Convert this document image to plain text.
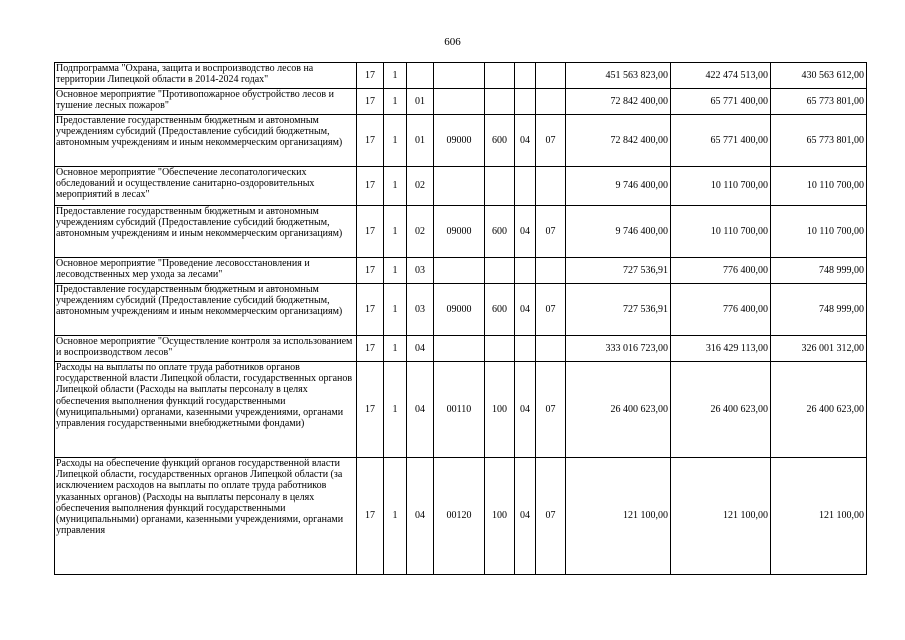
606
Подпрограмма "Охрана, защита и воспроизводство лесов на территории Липецкой области в 2014-2024 годах"	17	1						451 563 823,00	422 474 513,00	430 563 612,00
Основное мероприятие "Противопожарное обустройство лесов и тушение лесных пожаров"	17	1	01					72 842 400,00	65 771 400,00	65 773 801,00
Предоставление государственным бюджетным и автономным учреждениям субсидий (Предоставление субсидий бюджетным, автономным учреждениям и иным некоммерческим организациям)	17	1	01	09000	600	04	07	72 842 400,00	65 771 400,00	65 773 801,00
Основное мероприятие "Обеспечение лесопатологических обследований и осуществление санитарно-оздоровительных мероприятий в лесах"	17	1	02					9 746 400,00	10 110 700,00	10 110 700,00
Предоставление государственным бюджетным и автономным учреждениям субсидий (Предоставление субсидий бюджетным, автономным учреждениям и иным некоммерческим организациям)	17	1	02	09000	600	04	07	9 746 400,00	10 110 700,00	10 110 700,00
Основное мероприятие "Проведение лесовосстановления и лесоводственных мер ухода за лесами"	17	1	03					727 536,91	776 400,00	748 999,00
Предоставление государственным бюджетным и автономным учреждениям субсидий (Предоставление субсидий бюджетным, автономным учреждениям и иным некоммерческим организациям)	17	1	03	09000	600	04	07	727 536,91	776 400,00	748 999,00
Основное мероприятие "Осуществление контроля за использованием и воспроизводством лесов"	17	1	04					333 016 723,00	316 429 113,00	326 001 312,00
Расходы на выплаты по оплате труда работников органов государственной власти Липецкой области, государственных органов Липецкой области (Расходы на выплаты персоналу в целях обеспечения выполнения функций государственными (муниципальными) органами, казенными учреждениями, органами управления государственными внебюджетными фондами)	17	1	04	00110	100	04	07	26 400 623,00	26 400 623,00	26 400 623,00
Расходы на обеспечение функций органов государственной власти Липецкой области, государственных органов Липецкой области (за исключением расходов на выплаты по оплате труда работников указанных органов) (Расходы на выплаты персоналу в целях обеспечения выполнения функций государственными (муниципальными) органами, казенными учреждениями, органами управления	17	1	04	00120	100	04	07	121 100,00	121 100,00	121 100,00
